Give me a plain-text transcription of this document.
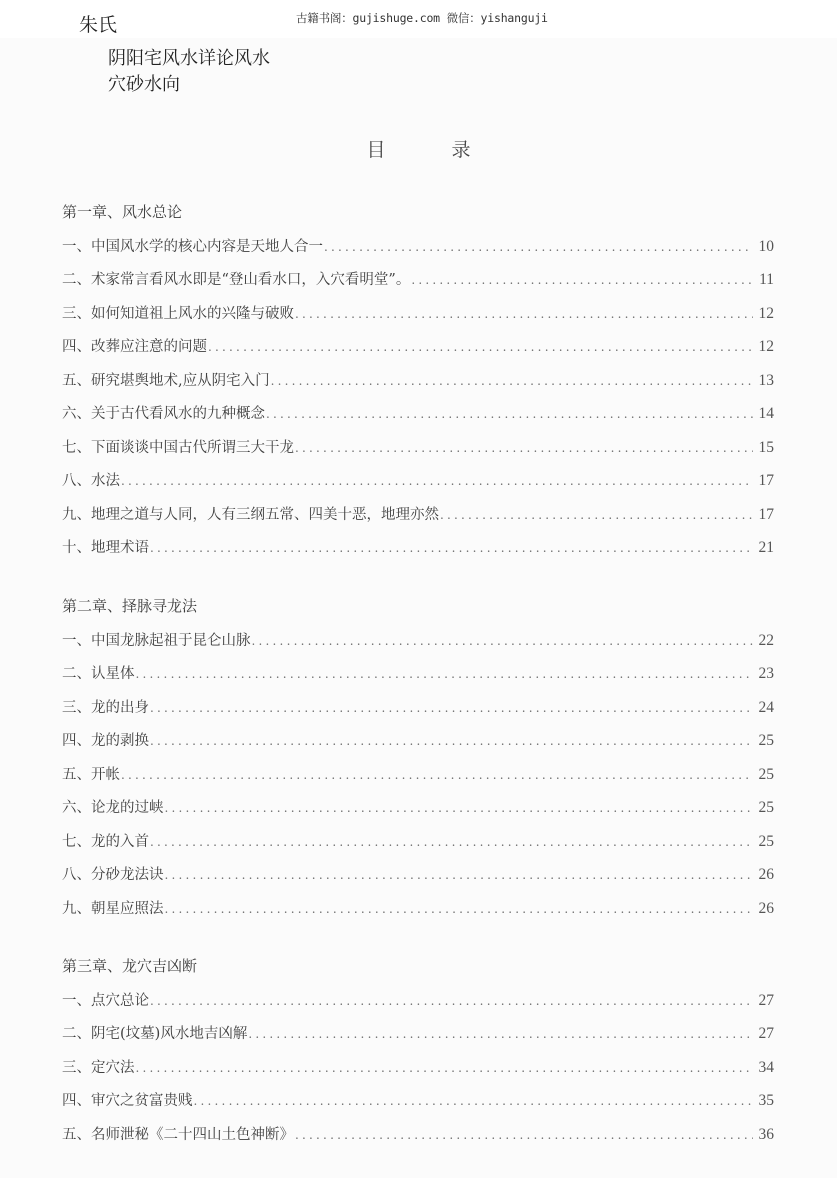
朱氏	古籍书阁：gujishuge.com 微信：yishanguji
阴阳宅风水详论风水穴砂水向
目录
第一章、风水总论
一、中国风水学的核心内容是天地人合一 .....	10
二、术家常言看风水即是“登山看水口，入穴看明堂”。 .....	11
三、如何知道祖上风水的兴隆与破败 .....	12
四、改葬应注意的问题 .....	12
五、研究堪舆地术,应从阴宅入门 .....	13
六、关于古代看风水的九种概念 .....	14
七、下面谈谈中国古代所谓三大干龙 .....	15
八、水法 .....	17
九、地理之道与人同，人有三纲五常、四美十恶，地理亦然 .....	17
十、地理术语 .....	21
第二章、择脉寻龙法
一、中国龙脉起祖于昆仑山脉 .....	22
二、认星体 .....	23
三、龙的出身 .....	24
四、龙的剥换 .....	25
五、开帐 .....	25
六、论龙的过峡 .....	25
七、龙的入首 .....	25
八、分砂龙法诀 .....	26
九、朝星应照法 .....	26
第三章、龙穴吉凶断
一、点穴总论 .....	27
二、阴宅(坟墓)风水地吉凶解 .....	27
三、定穴法 .....	34
四、审穴之贫富贵贱 .....	35
五、名师泄秘《二十四山土色神断》 .....	36
